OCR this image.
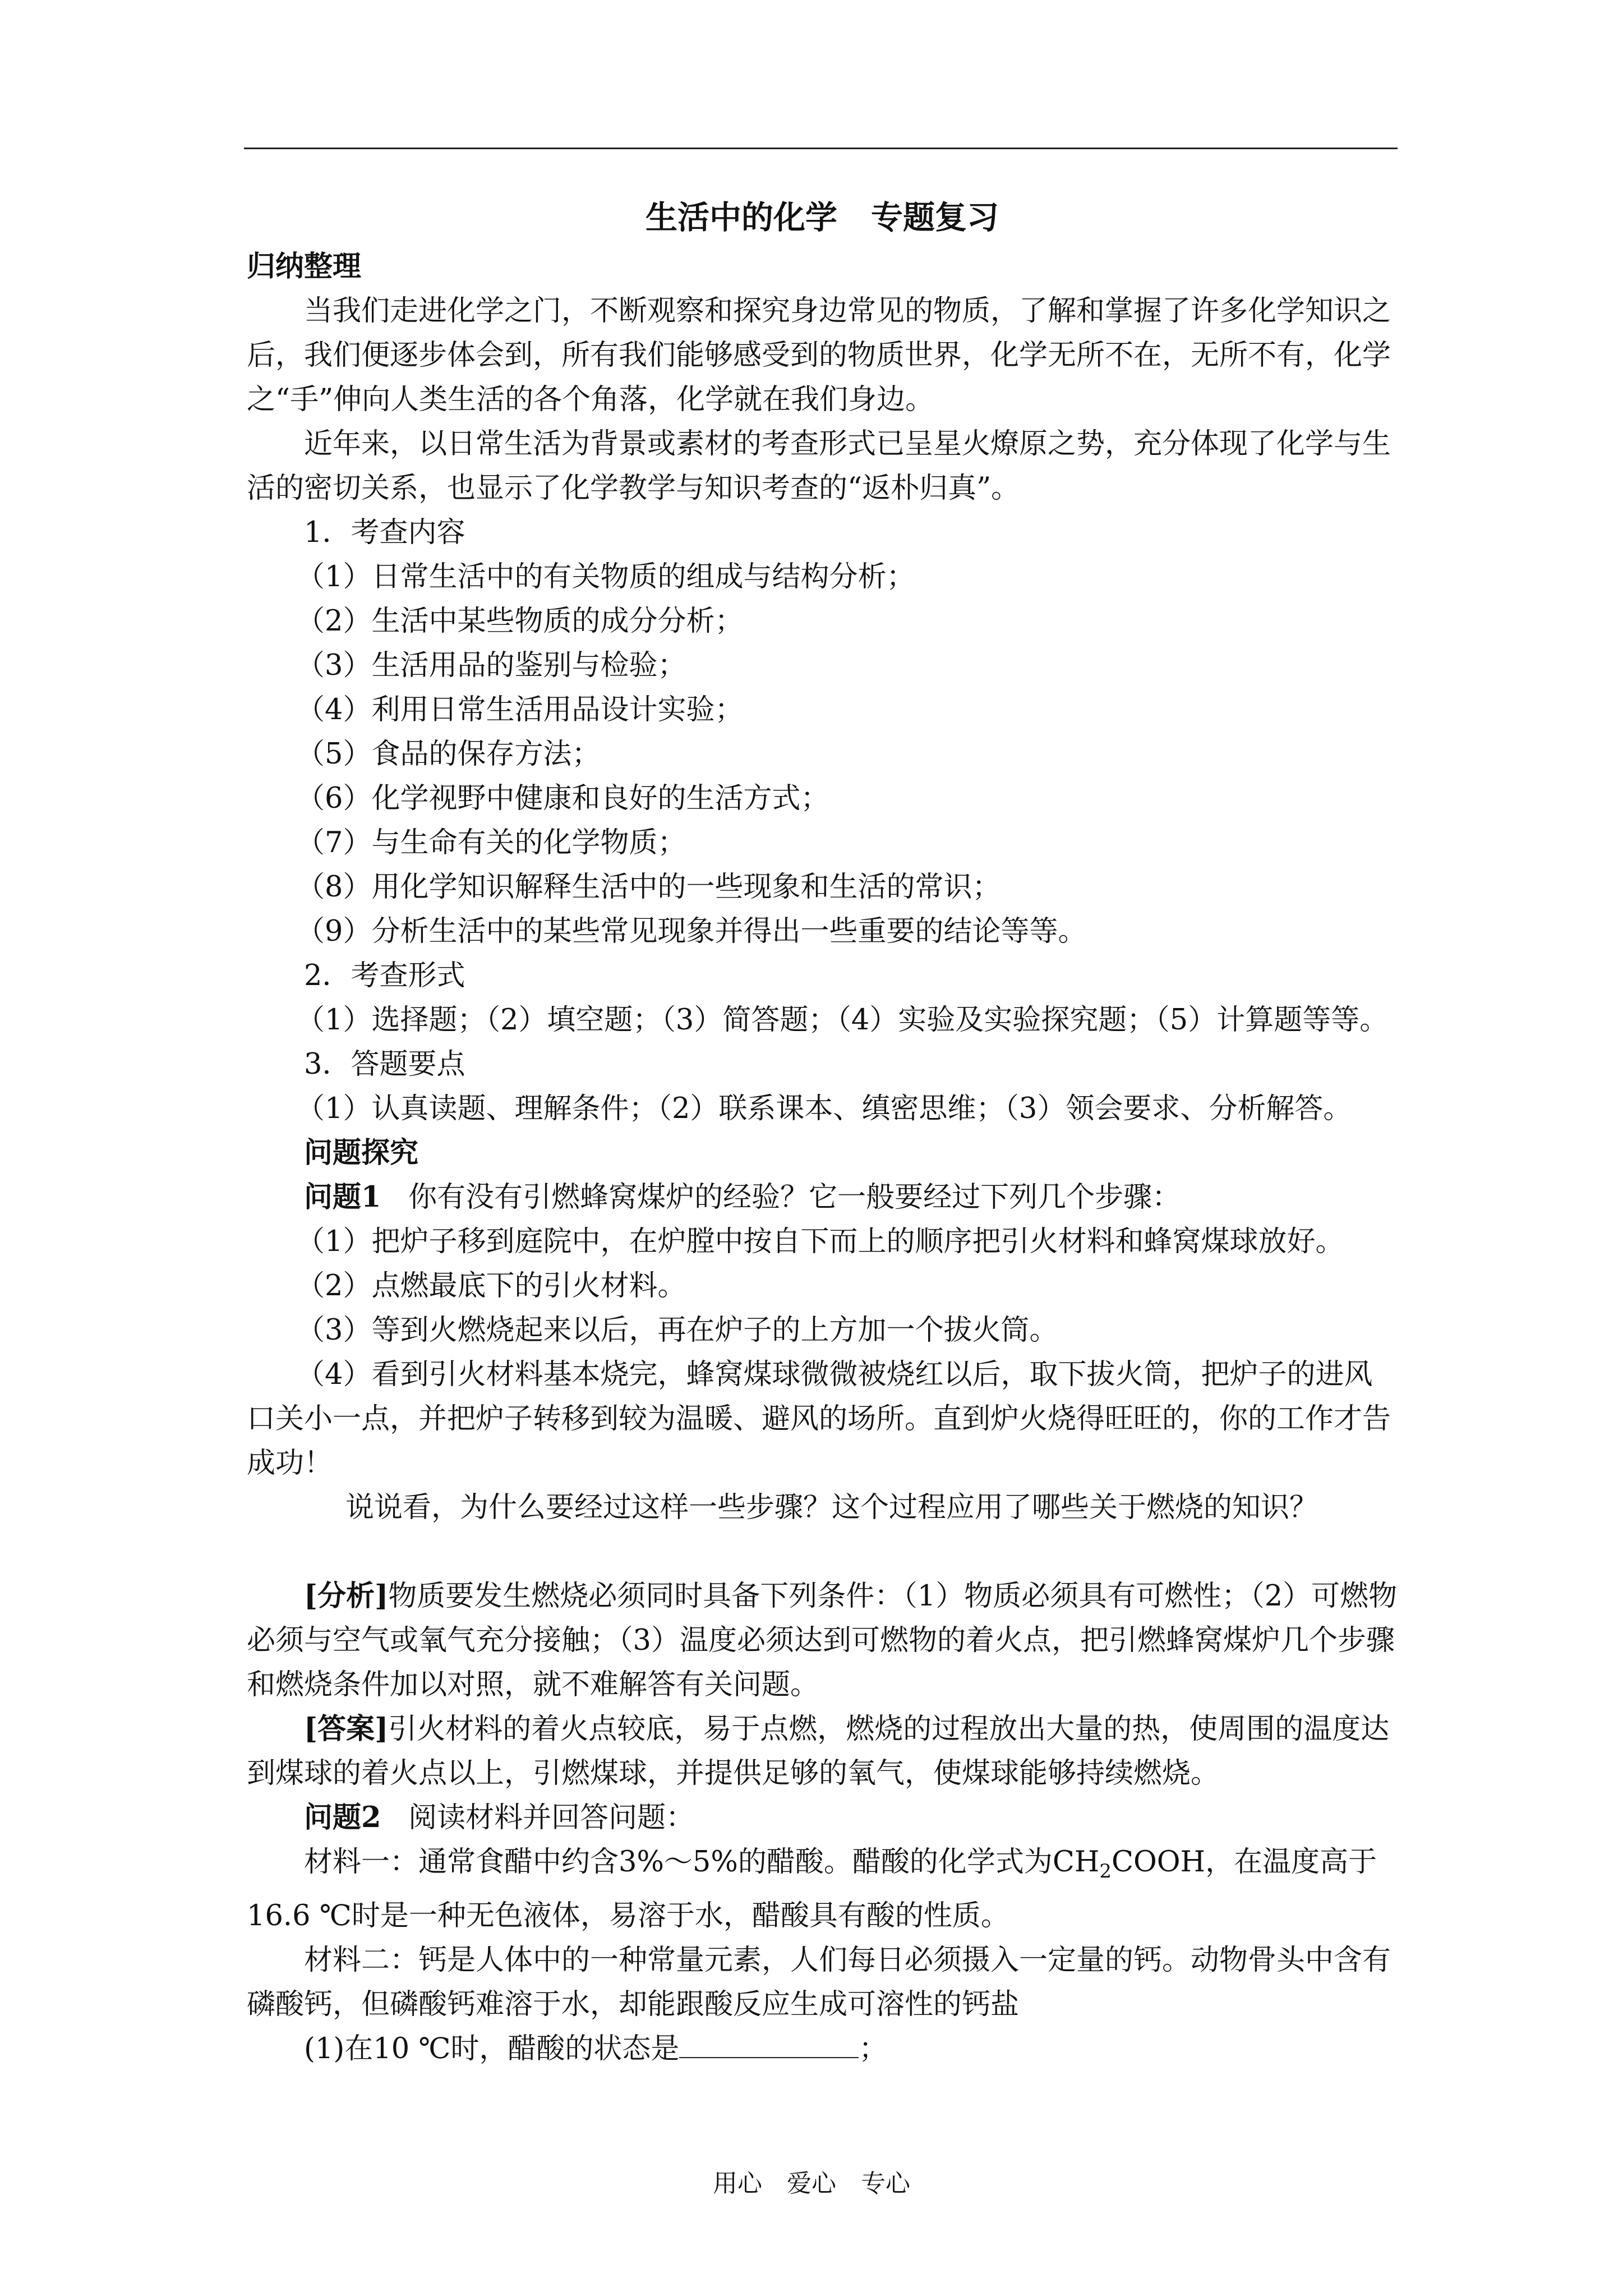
生活中的化学 专题复习

归纳整理

当我们走进化学之门，不断观察和探究身边常见的物质，了解和掌握了许多化学知识之后，我们便逐步体会到，所有我们能够感受到的物质世界，化学无所不在，无所不有，化学之“手”伸向人类生活的各个角落，化学就在我们身边。

近年来，以日常生活为背景或素材的考查形式已呈星火燎原之势，充分体现了化学与生活的密切关系，也显示了化学教学与知识考查的“返朴归真”。

1．考查内容

（1）日常生活中的有关物质的组成与结构分析；

（2）生活中某些物质的成分分析；

（3）生活用品的鉴别与检验；

（4）利用日常生活用品设计实验；

（5）食品的保存方法；

（6）化学视野中健康和良好的生活方式；

（7）与生命有关的化学物质；

（8）用化学知识解释生活中的一些现象和生活的常识；

（9）分析生活中的某些常见现象并得出一些重要的结论等等。

2．考查形式

（1）选择题；（2）填空题；（3）简答题；（4）实验及实验探究题；（5）计算题等等。

3．答题要点

（1）认真读题、理解条件；（2）联系课本、缜密思维；（3）领会要求、分析解答。

问题探究

问题1 你有没有引燃蜂窝煤炉的经验？它一般要经过下列几个步骤：

（1）把炉子移到庭院中，在炉膛中按自下而上的顺序把引火材料和蜂窝煤球放好。

（2）点燃最底下的引火材料。

（3）等到火燃烧起来以后，再在炉子的上方加一个拔火筒。

（4）看到引火材料基本烧完，蜂窝煤球微微被烧红以后，取下拔火筒，把炉子的进风口关小一点，并把炉子转移到较为温暖、避风的场所。直到炉火烧得旺旺的，你的工作才告成功！

说说看，为什么要经过这样一些步骤？这个过程应用了哪些关于燃烧的知识？

[分析]物质要发生燃烧必须同时具备下列条件：（1）物质必须具有可燃性；（2）可燃物必须与空气或氧气充分接触；（3）温度必须达到可燃物的着火点，把引燃蜂窝煤炉几个步骤和燃烧条件加以对照，就不难解答有关问题。

[答案]引火材料的着火点较底，易于点燃，燃烧的过程放出大量的热，使周围的温度达到煤球的着火点以上，引燃煤球，并提供足够的氧气，使煤球能够持续燃烧。

问题2 阅读材料并回答问题：

材料一：通常食醋中约含3%～5%的醋酸。醋酸的化学式为$CH_2COOH$，在温度高于16.6 ℃时是一种无色液体，易溶于水，醋酸具有酸的性质。

材料二：钙是人体中的一种常量元素，人们每日必须摄入一定量的钙。动物骨头中含有磷酸钙，但磷酸钙难溶于水，却能跟酸反应生成可溶性的钙盐

(1)在10 ℃时，醋酸的状态是	；

用心 爱心 专心
